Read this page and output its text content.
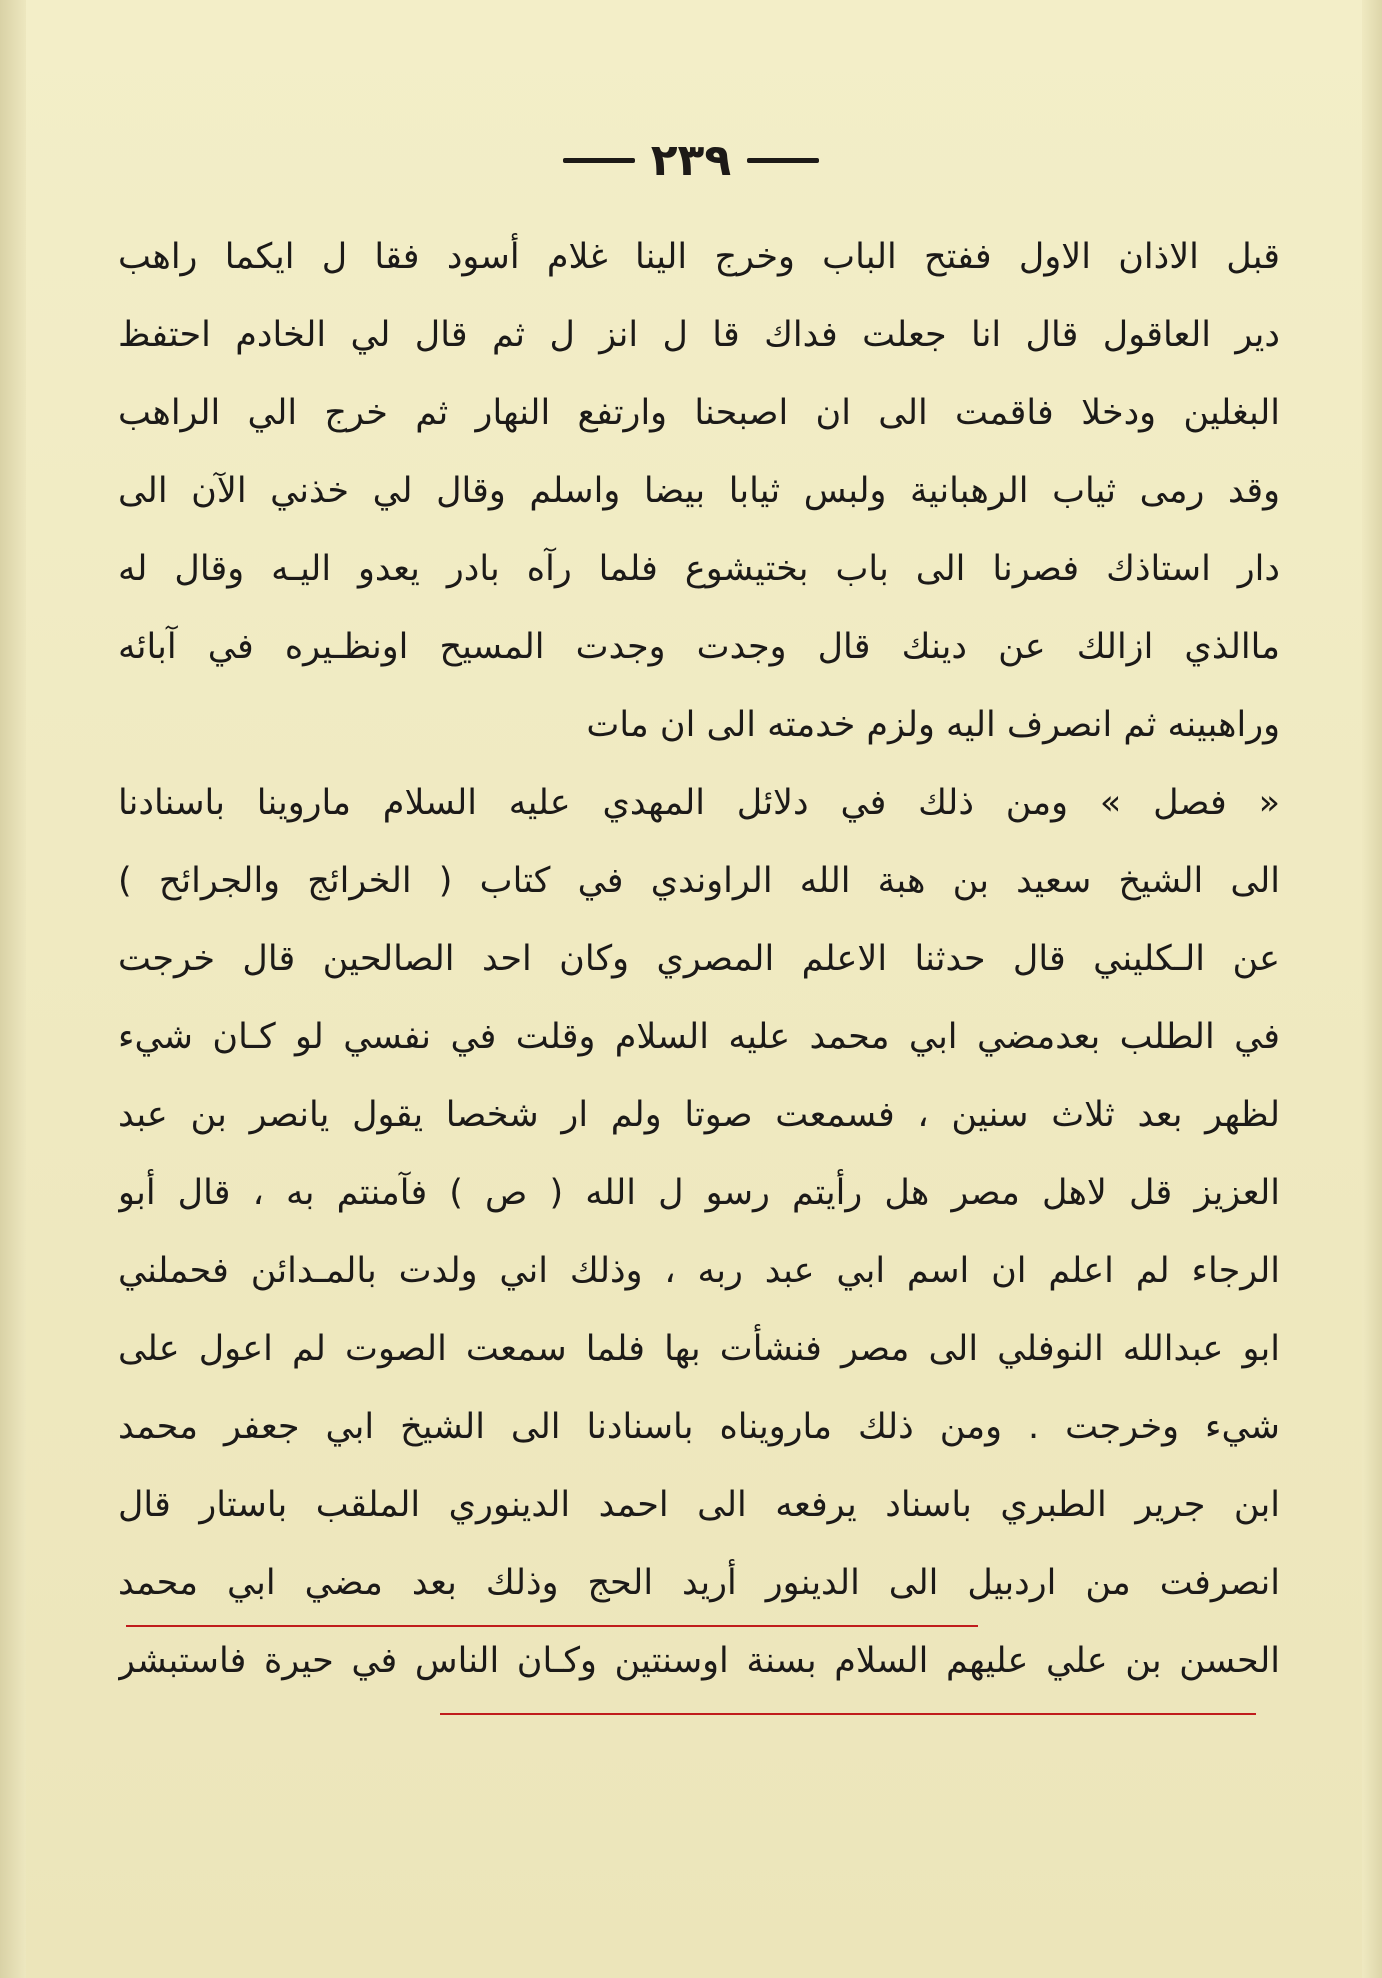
٢٣٩
قبل الاذان الاول ففتح الباب وخرج الينا غلام أسود فقا ل ايكما راهب
دير العاقول قال انا جعلت فداك قا ل انز ل ثم قال لي الخادم احتفظ
البغلين ودخلا فاقمت الى ان اصبحنا وارتفع النهار ثم خرج الي الراهب
وقد رمى ثياب الرهبانية ولبس ثيابا بيضا واسلم وقال لي خذني الآن الى
دار استاذك فصرنا الى باب بختيشوع فلما رآه بادر يعدو اليـه وقال له
ماالذي ازالك عن دينك قال وجدت وجدت المسيح اونظـيره في آبائه
وراهبينه ثم انصرف اليه ولزم خدمته الى ان مات
« فصل » ومن ذلك في دلائل المهدي عليه السلام ماروينا باسنادنا
الى الشيخ سعيد بن هبة الله الراوندي في كتاب ( الخرائج والجرائح )
عن الـكليني قال حدثنا الاعلم المصري وكان احد الصالحين قال خرجت
في الطلب بعدمضي ابي محمد عليه السلام وقلت في نفسي لو كـان شيء
لظهر بعد ثلاث سنين ، فسمعت صوتا ولم ار شخصا يقول يانصر بن عبد
العزيز قل لاهل مصر هل رأيتم رسو ل الله ( ص ) فآمنتم به ، قال أبو
الرجاء لم اعلم ان اسم ابي عبد ربه ، وذلك اني ولدت بالمـدائن فحملني
ابو عبدالله النوفلي الى مصر فنشأت بها فلما سمعت الصوت لم اعول على
شيء وخرجت . ومن ذلك مارويناه باسنادنا الى الشيخ ابي جعفر محمد
ابن جرير الطبري باسناد يرفعه الى احمد الدينوري الملقب باستار قال
انصرفت من اردبيل الى الدينور أريد الحج وذلك بعد مضي ابي محمد
الحسن بن علي عليهم السلام بسنة اوسنتين وكـان الناس في حيرة فاستبشر
